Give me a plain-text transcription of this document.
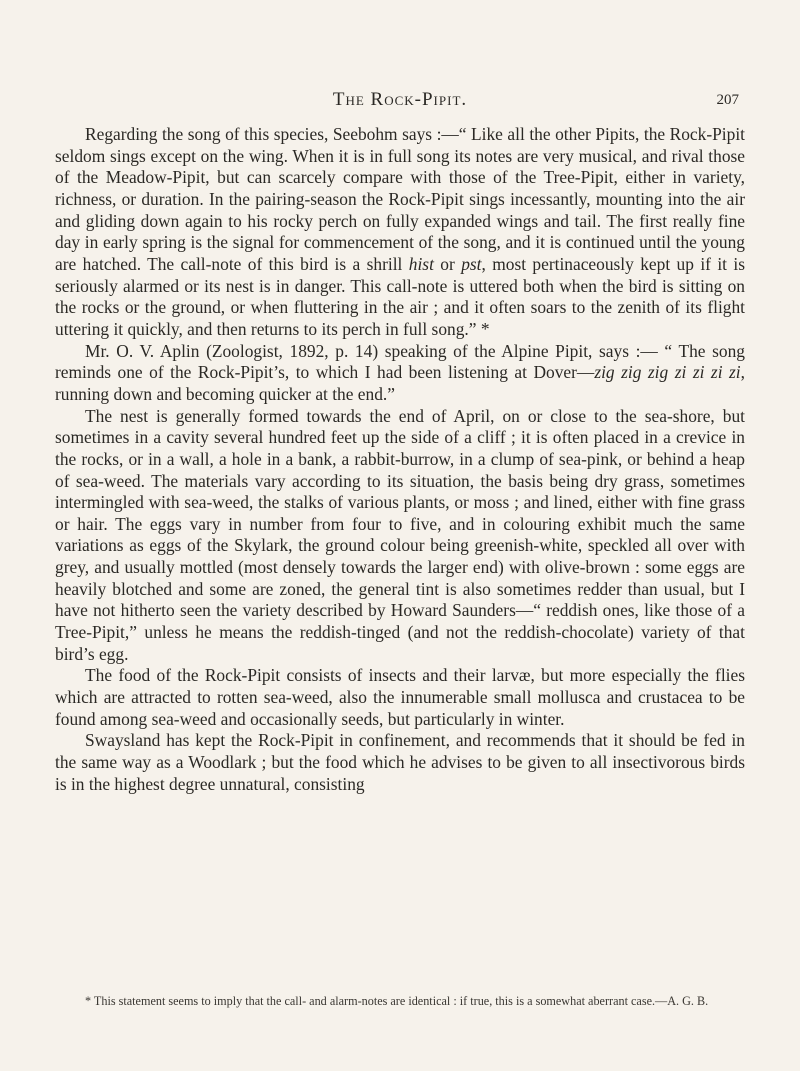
The Rock-Pipit.	207

Regarding the song of this species, Seebohm says :—“ Like all the other Pipits, the Rock-Pipit seldom sings except on the wing. When it is in full song its notes are very musical, and rival those of the Meadow-Pipit, but can scarcely compare with those of the Tree-Pipit, either in variety, richness, or duration. In the pairing-season the Rock-Pipit sings incessantly, mounting into the air and gliding down again to his rocky perch on fully expanded wings and tail. The first really fine day in early spring is the signal for commencement of the song, and it is continued until the young are hatched. The call-note of this bird is a shrill hist or pst, most pertinaceously kept up if it is seriously alarmed or its nest is in danger. This call-note is uttered both when the bird is sitting on the rocks or the ground, or when fluttering in the air ; and it often soars to the zenith of its flight uttering it quickly, and then returns to its perch in full song.” *

Mr. O. V. Aplin (Zoologist, 1892, p. 14) speaking of the Alpine Pipit, says :— “ The song reminds one of the Rock-Pipit’s, to which I had been listening at Dover—zig zig zig zi zi zi zi, running down and becoming quicker at the end.”

The nest is generally formed towards the end of April, on or close to the sea-shore, but sometimes in a cavity several hundred feet up the side of a cliff ; it is often placed in a crevice in the rocks, or in a wall, a hole in a bank, a rabbit-burrow, in a clump of sea-pink, or behind a heap of sea-weed. The materials vary according to its situation, the basis being dry grass, sometimes intermingled with sea-weed, the stalks of various plants, or moss ; and lined, either with fine grass or hair. The eggs vary in number from four to five, and in colouring exhibit much the same variations as eggs of the Skylark, the ground colour being greenish-white, speckled all over with grey, and usually mottled (most densely towards the larger end) with olive-brown : some eggs are heavily blotched and some are zoned, the general tint is also sometimes redder than usual, but I have not hitherto seen the variety described by Howard Saunders—“ reddish ones, like those of a Tree-Pipit,” unless he means the reddish-tinged (and not the reddish-chocolate) variety of that bird’s egg.

The food of the Rock-Pipit consists of insects and their larvæ, but more especially the flies which are attracted to rotten sea-weed, also the innumerable small mollusca and crustacea to be found among sea-weed and occasionally seeds, but particularly in winter.

Swaysland has kept the Rock-Pipit in confinement, and recommends that it should be fed in the same way as a Woodlark ; but the food which he advises to be given to all insectivorous birds is in the highest degree unnatural, consisting

* This statement seems to imply that the call- and alarm-notes are identical : if true, this is a somewhat aberrant case.—A. G. B.
